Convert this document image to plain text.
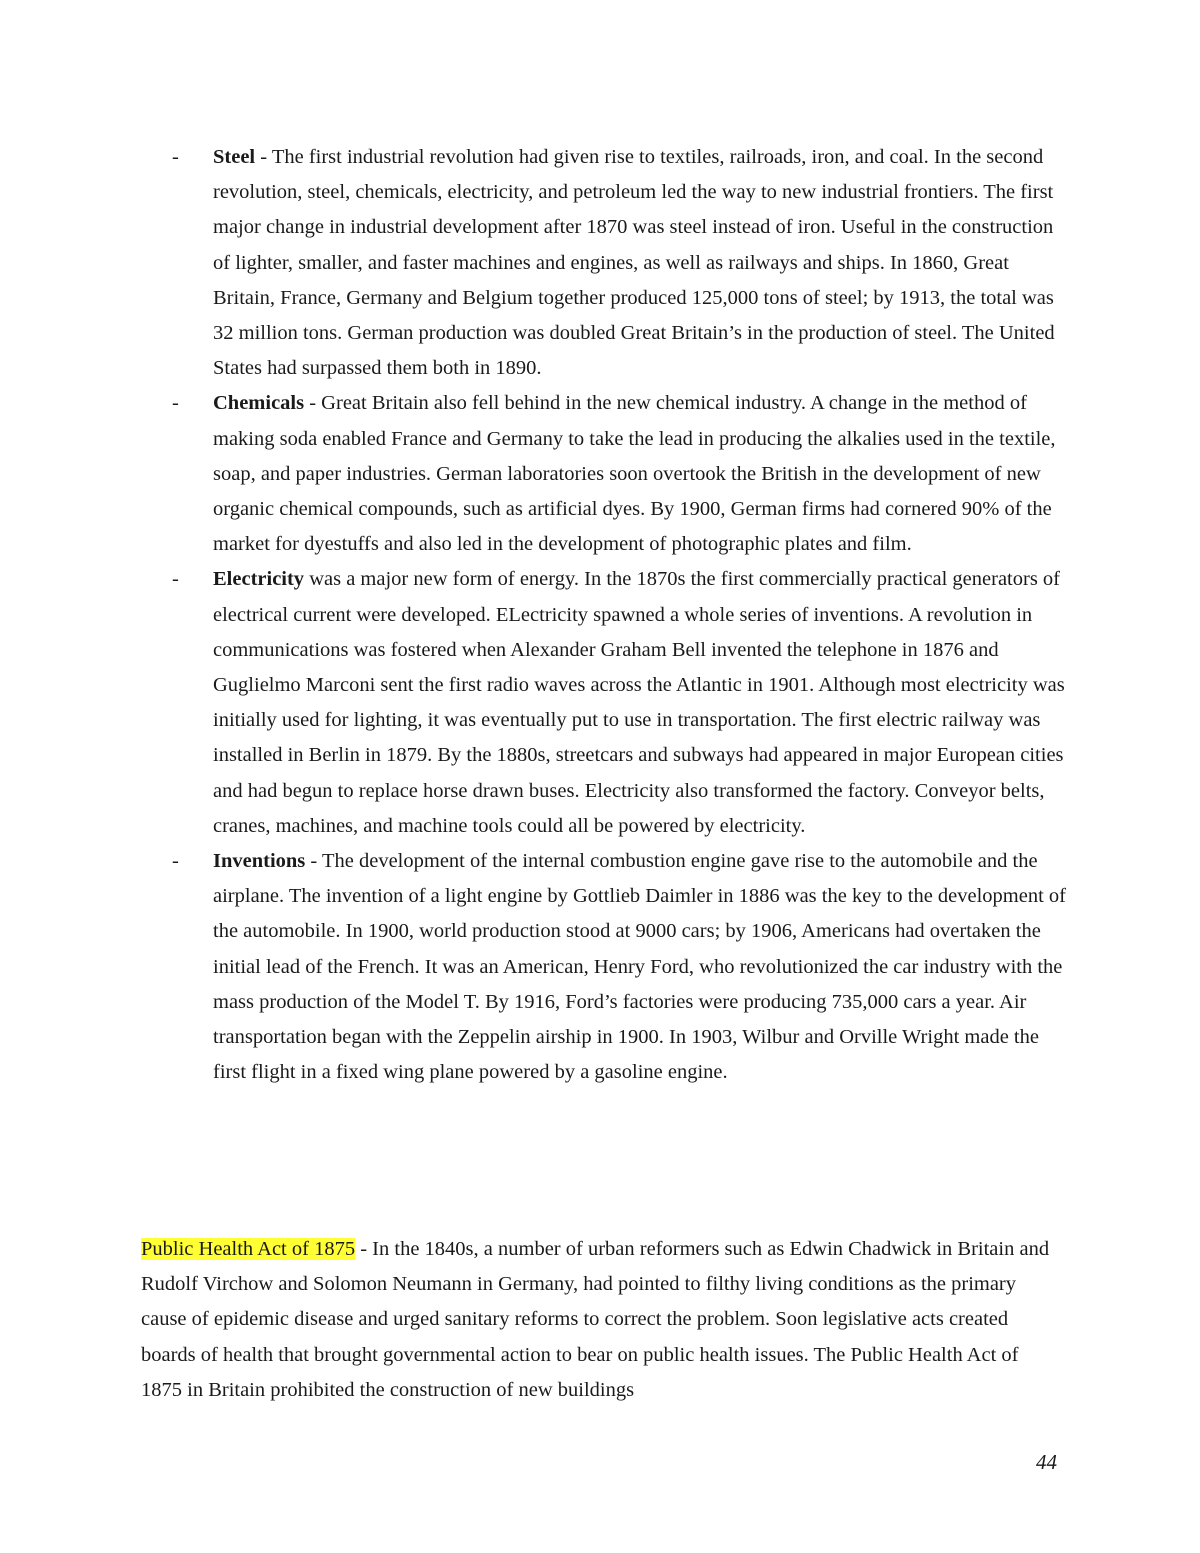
- Steel - The first industrial revolution had given rise to textiles, railroads, iron, and coal. In the second revolution, steel, chemicals, electricity, and petroleum led the way to new industrial frontiers. The first major change in industrial development after 1870 was steel instead of iron. Useful in the construction of lighter, smaller, and faster machines and engines, as well as railways and ships. In 1860, Great Britain, France, Germany and Belgium together produced 125,000 tons of steel; by 1913, the total was 32 million tons. German production was doubled Great Britain’s in the production of steel. The United States had surpassed them both in 1890.
- Chemicals - Great Britain also fell behind in the new chemical industry. A change in the method of making soda enabled France and Germany to take the lead in producing the alkalies used in the textile, soap, and paper industries. German laboratories soon overtook the British in the development of new organic chemical compounds, such as artificial dyes. By 1900, German firms had cornered 90% of the market for dyestuffs and also led in the development of photographic plates and film.
- Electricity was a major new form of energy. In the 1870s the first commercially practical generators of electrical current were developed. ELectricity spawned a whole series of inventions. A revolution in communications was fostered when Alexander Graham Bell invented the telephone in 1876 and Guglielmo Marconi sent the first radio waves across the Atlantic in 1901. Although most electricity was initially used for lighting, it was eventually put to use in transportation. The first electric railway was installed in Berlin in 1879. By the 1880s, streetcars and subways had appeared in major European cities and had begun to replace horse drawn buses. Electricity also transformed the factory. Conveyor belts, cranes, machines, and machine tools could all be powered by electricity.
- Inventions - The development of the internal combustion engine gave rise to the automobile and the airplane. The invention of a light engine by Gottlieb Daimler in 1886 was the key to the development of the automobile. In 1900, world production stood at 9000 cars; by 1906, Americans had overtaken the initial lead of the French. It was an American, Henry Ford, who revolutionized the car industry with the mass production of the Model T. By 1916, Ford’s factories were producing 735,000 cars a year. Air transportation began with the Zeppelin airship in 1900. In 1903, Wilbur and Orville Wright made the first flight in a fixed wing plane powered by a gasoline engine.

Public Health Act of 1875 - In the 1840s, a number of urban reformers such as Edwin Chadwick in Britain and Rudolf Virchow and Solomon Neumann in Germany, had pointed to filthy living conditions as the primary cause of epidemic disease and urged sanitary reforms to correct the problem. Soon legislative acts created boards of health that brought governmental action to bear on public health issues. The Public Health Act of 1875 in Britain prohibited the construction of new buildings

44
